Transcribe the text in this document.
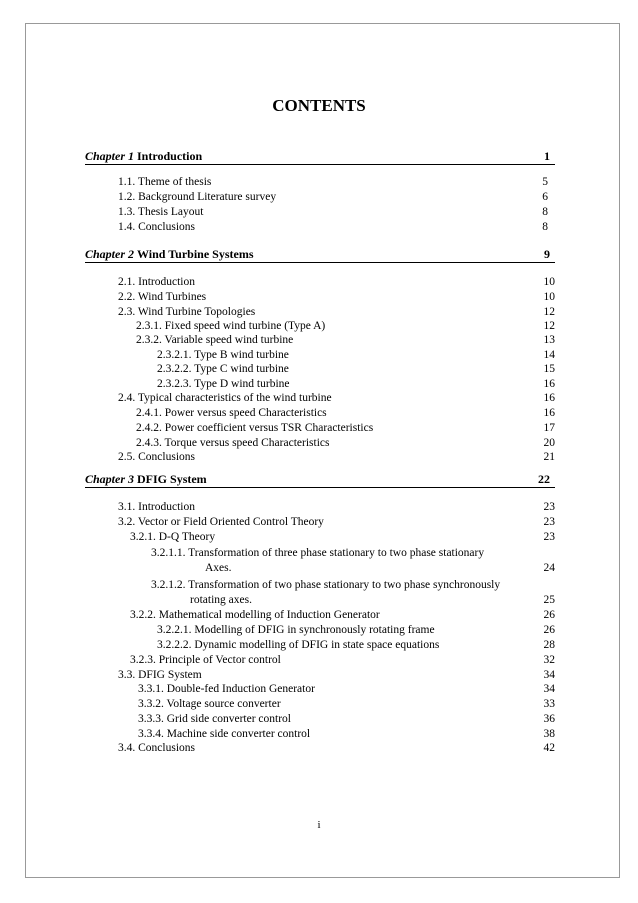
CONTENTS
Chapter 1 Introduction	1
1.1. Theme of thesis	5
1.2. Background Literature survey	6
1.3. Thesis Layout	8
1.4. Conclusions	8
Chapter 2 Wind Turbine Systems	9
2.1. Introduction	10
2.2. Wind Turbines	10
2.3. Wind Turbine Topologies	12
2.3.1. Fixed speed wind turbine (Type A)	12
2.3.2. Variable speed wind turbine	13
2.3.2.1. Type B wind turbine	14
2.3.2.2. Type C wind turbine	15
2.3.2.3. Type D wind turbine	16
2.4. Typical characteristics of the wind turbine	16
2.4.1. Power versus speed Characteristics	16
2.4.2. Power coefficient versus TSR Characteristics	17
2.4.3. Torque versus speed Characteristics	20
2.5. Conclusions	21
Chapter 3 DFIG System	22
3.1. Introduction	23
3.2. Vector or Field Oriented Control Theory	23
3.2.1. D-Q Theory	23
3.2.1.1. Transformation of three phase stationary to two phase stationary
Axes.	24
3.2.1.2. Transformation of two phase stationary to two phase synchronously
rotating axes.	25
3.2.2. Mathematical modelling of Induction Generator	26
3.2.2.1. Modelling of DFIG in synchronously rotating frame	26
3.2.2.2. Dynamic modelling of DFIG in state space equations	28
3.2.3. Principle of Vector control	32
3.3. DFIG System	34
3.3.1. Double-fed Induction Generator	34
3.3.2. Voltage source converter	33
3.3.3. Grid side converter control	36
3.3.4. Machine side converter control	38
3.4. Conclusions	42
i
